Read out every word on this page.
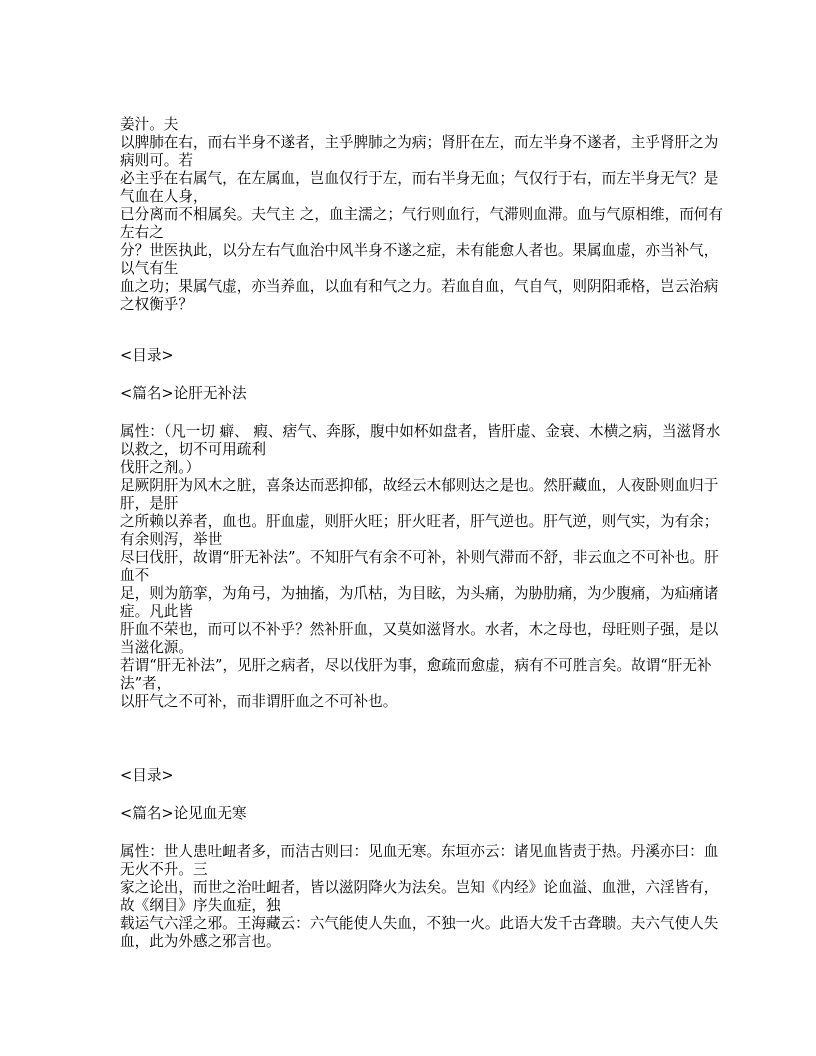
姜汁。夫
以脾肺在右，而右半身不遂者，主乎脾肺之为病；肾肝在左，而左半身不遂者，主乎肾肝之为
病则可。若
必主乎在右属气，在左属血，岂血仅行于左，而右半身无血；气仅行于右，而左半身无气？是
气血在人身，
已分离而不相属矣。夫气主 之，血主濡之；气行则血行，气滞则血滞。血与气原相维，而何有
左右之
分？世医执此，以分左右气血治中风半身不遂之症，未有能愈人者也。果属血虚，亦当补气，
以气有生
血之功；果属气虚，亦当养血，以血有和气之力。若血自血，气自气，则阴阳乖格，岂云治病
之权衡乎？
<目录>
<篇名>论肝无补法
属性：（凡一切 癖、 瘕、痞气、奔豚，腹中如杯如盘者，皆肝虚、金衰、木横之病，当滋肾水
以救之，切不可用疏利
伐肝之剂。）
足厥阴肝为风木之脏，喜条达而恶抑郁，故经云木郁则达之是也。然肝藏血，人夜卧则血归于
肝，是肝
之所赖以养者，血也。肝血虚，则肝火旺；肝火旺者，肝气逆也。肝气逆，则气实，为有余；
有余则泻，举世
尽曰伐肝，故谓“肝无补法”。不知肝气有余不可补，补则气滞而不舒，非云血之不可补也。肝
血不
足，则为筋挛，为角弓，为抽搐，为爪枯，为目眩，为头痛，为胁肋痛，为少腹痛，为疝痛诸
症。凡此皆
肝血不荣也，而可以不补乎？然补肝血，又莫如滋肾水。水者，木之母也，母旺则子强，是以
当滋化源。
若谓“肝无补法”，见肝之病者，尽以伐肝为事，愈疏而愈虚，病有不可胜言矣。故谓“肝无补
法”者，
以肝气之不可补，而非谓肝血之不可补也。
<目录>
<篇名>论见血无寒
属性：世人患吐衄者多，而洁古则曰：见血无寒。东垣亦云：诸见血皆责于热。丹溪亦曰：血
无火不升。三
家之论出，而世之治吐衄者，皆以滋阴降火为法矣。岂知《内经》论血溢、血泄，六淫皆有，
故《纲目》序失血症，独
载运气六淫之邪。王海藏云：六气能使人失血，不独一火。此语大发千古聋聩。夫六气使人失
血，此为外感之邪言也。
